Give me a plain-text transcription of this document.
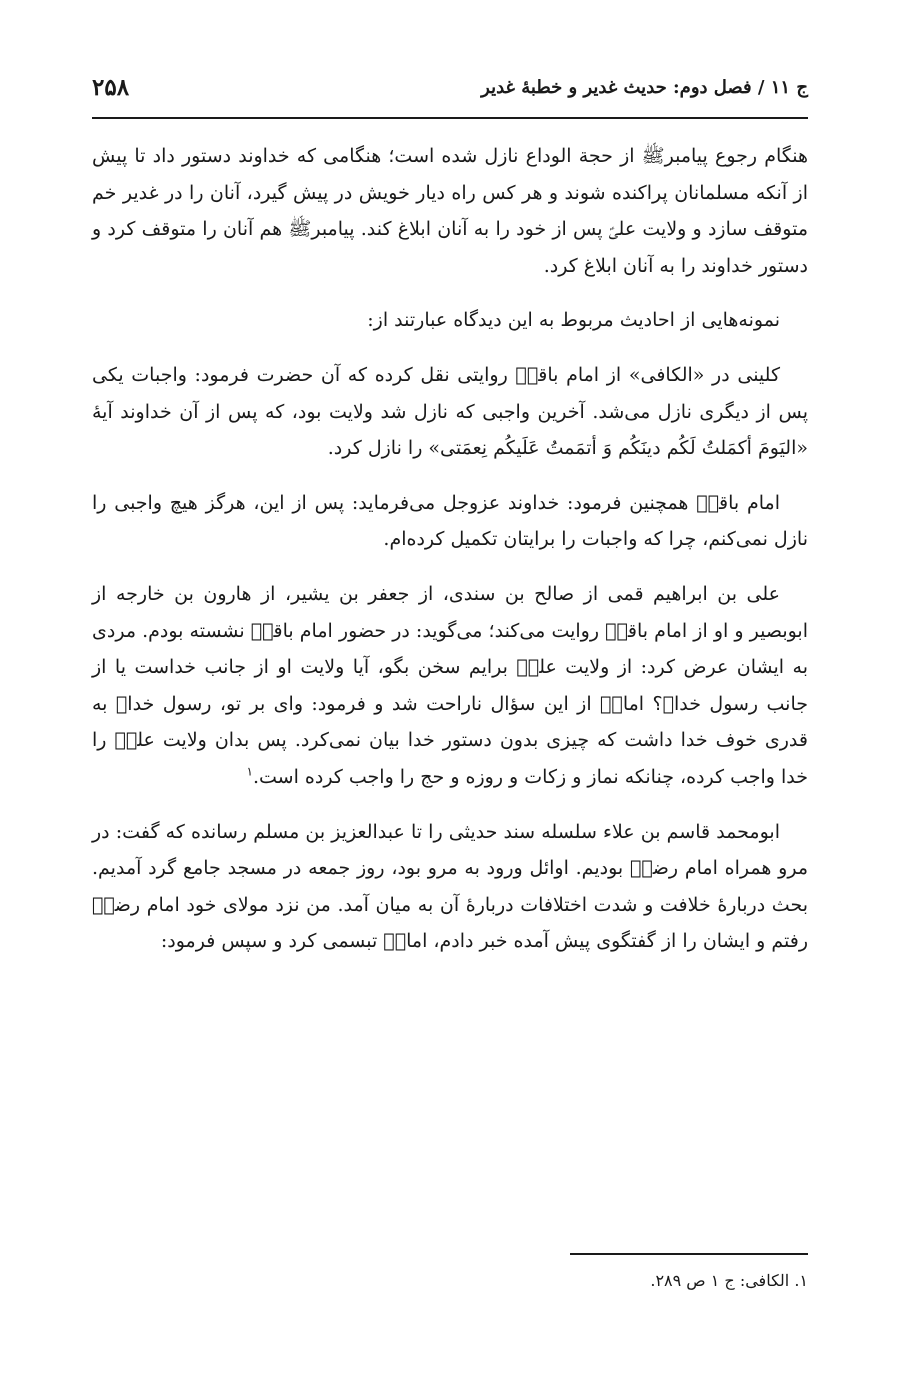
ج ۱۱ / فصل دوم: حدیث غدیر و خطبهٔ غدیر
۲۵۸

هنگام رجوع پیامبرﷺ از حجة الوداع نازل شده است؛ هنگامی که خداوند دستور داد تا پیش از آنکه مسلمانان پراکنده شوند و هر کس راه دیار خویش در پیش گیرد، آنان را در غدیر خم متوقف سازد و ولایت علیؑ پس از خود را به آنان ابلاغ کند. پیامبرﷺ هم آنان را متوقف کرد و دستور خداوند را به آنان ابلاغ کرد.

نمونه‌هایی از احادیث مربوط به این دیدگاه عبارتند از:

کلینی در «الکافی» از امام باقرؑ روایتی نقل کرده که آن حضرت فرمود: واجبات یکی پس از دیگری نازل می‌شد. آخرین واجبی که نازل شد ولایت بود، که پس از آن خداوند آیهٔ «الیَومَ أکمَلتُ لَکُم دینَکُم وَ أتمَمتُ عَلَیکُم نِعمَتی» را نازل کرد.

امام باقرؑ همچنین فرمود: خداوند عزوجل می‌فرماید: پس از این، هرگز هیچ واجبی را نازل نمی‌کنم، چرا که واجبات را برایتان تکمیل کرده‌ام.

علی بن ابراهیم قمی از صالح بن سندی، از جعفر بن یشیر، از هارون بن خارجه از ابوبصیر و او از امام باقرؑ روایت می‌کند؛ می‌گوید: در حضور امام باقرؑ نشسته بودم. مردی به ایشان عرض کرد: از ولایت علیؑ برایم سخن بگو، آیا ولایت او از جانب خداست یا از جانب رسول خداﷺ؟ امامؑ از این سؤال ناراحت شد و فرمود: وای بر تو، رسول خداﷺ به قدری خوف خدا داشت که چیزی بدون دستور خدا بیان نمی‌کرد. پس بدان ولایت علیؑ را خدا واجب کرده، چنانکه نماز و زکات و روزه و حج را واجب کرده است.$^۱$

ابومحمد قاسم بن علاء سلسله سند حدیثی را تا عبدالعزیز بن مسلم رسانده که گفت: در مرو همراه امام رضاؑ بودیم. اوائل ورود به مرو بود، روز جمعه در مسجد جامع گرد آمدیم. بحث دربارهٔ خلافت و شدت اختلافات دربارهٔ آن به میان آمد. من نزد مولای خود امام رضاؑ رفتم و ایشان را از گفتگوی پیش آمده خبر دادم، امامؑ تبسمی کرد و سپس فرمود:

۱. الکافی: ج ۱ ص ۲۸۹.
